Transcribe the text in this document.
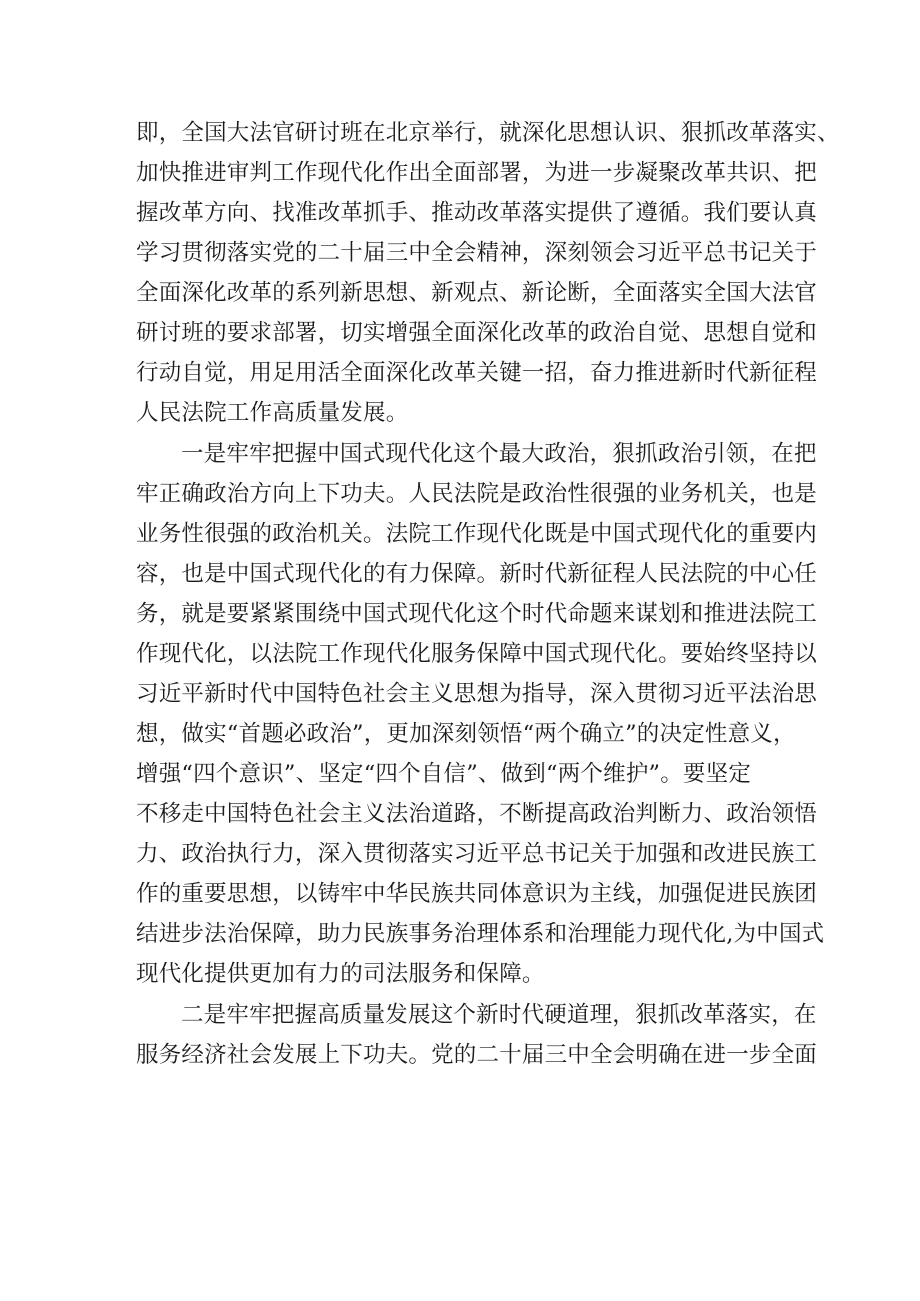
即，全国大法官研讨班在北京举行，就深化思想认识、狠抓改革落实、
加快推进审判工作现代化作出全面部署，为进一步凝聚改革共识、把
握改革方向、找准改革抓手、推动改革落实提供了遵循。我们要认真
学习贯彻落实党的二十届三中全会精神，深刻领会习近平总书记关于
全面深化改革的系列新思想、新观点、新论断，全面落实全国大法官
研讨班的要求部署，切实增强全面深化改革的政治自觉、思想自觉和
行动自觉，用足用活全面深化改革关键一招，奋力推进新时代新征程
人民法院工作高质量发展。
一是牢牢把握中国式现代化这个最大政治，狠抓政治引领，在把
牢正确政治方向上下功夫。人民法院是政治性很强的业务机关，也是
业务性很强的政治机关。法院工作现代化既是中国式现代化的重要内
容，也是中国式现代化的有力保障。新时代新征程人民法院的中心任
务，就是要紧紧围绕中国式现代化这个时代命题来谋划和推进法院工
作现代化，以法院工作现代化服务保障中国式现代化。要始终坚持以
习近平新时代中国特色社会主义思想为指导，深入贯彻习近平法治思
想，做实“首题必政治”，更加深刻领悟“两个确立”的决定性意义，
增强“四个意识”、坚定“四个自信”、做到“两个维护”。要坚定
不移走中国特色社会主义法治道路，不断提高政治判断力、政治领悟
力、政治执行力，深入贯彻落实习近平总书记关于加强和改进民族工
作的重要思想，以铸牢中华民族共同体意识为主线，加强促进民族团
结进步法治保障，助力民族事务治理体系和治理能力现代化,为中国式
现代化提供更加有力的司法服务和保障。
二是牢牢把握高质量发展这个新时代硬道理，狠抓改革落实，在
服务经济社会发展上下功夫。党的二十届三中全会明确在进一步全面
